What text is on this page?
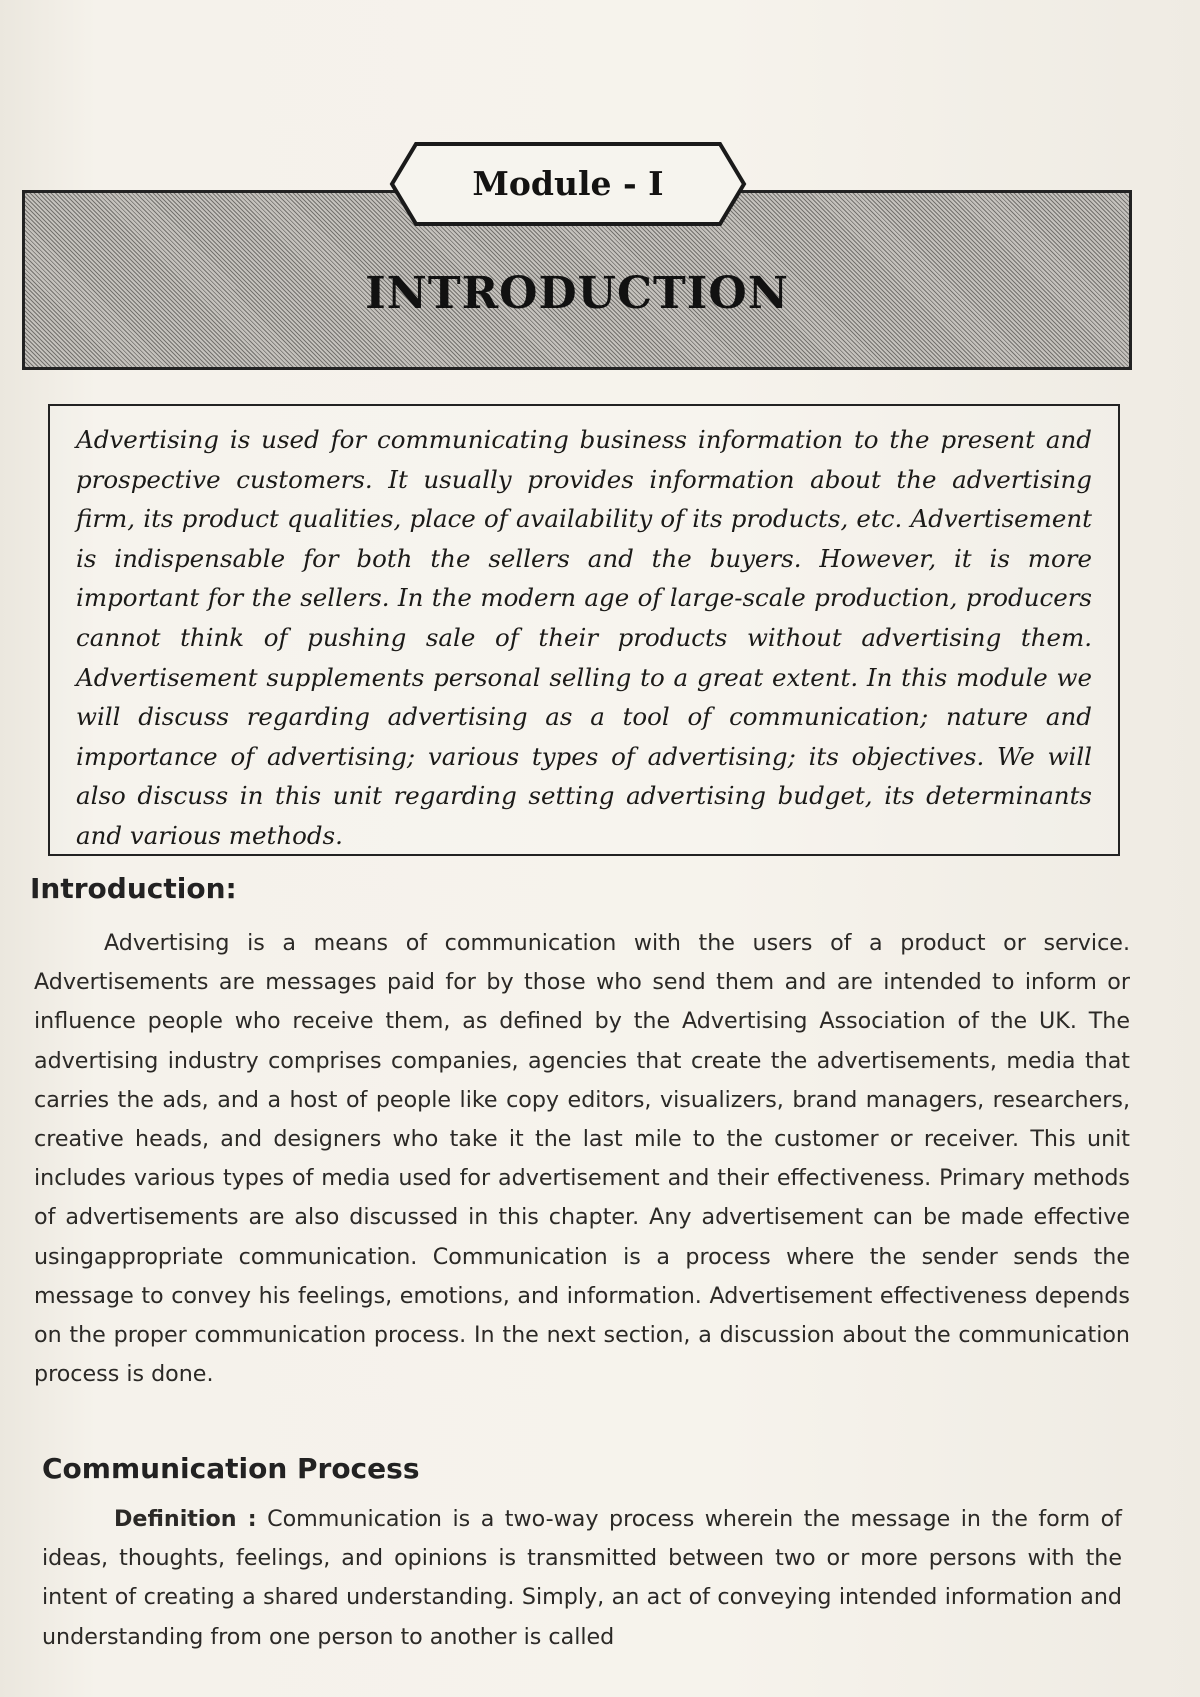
Module - I
INTRODUCTION

Advertising is used for communicating business information to the present and prospective customers. It usually provides information about the advertising firm, its product qualities, place of availability of its products, etc. Advertisement is indispensable for both the sellers and the buyers. However, it is more important for the sellers. In the modern age of large-scale production, producers cannot think of pushing sale of their products without advertising them. Advertisement supplements personal selling to a great extent. In this module we will discuss regarding advertising as a tool of communication; nature and importance of advertising; various types of advertising; its objectives. We will also discuss in this unit regarding setting advertising budget, its determinants and various methods.

Introduction:

Advertising is a means of communication with the users of a product or service. Advertisements are messages paid for by those who send them and are intended to inform or influence people who receive them, as defined by the Advertising Association of the UK. The advertising industry comprises companies, agencies that create the advertisements, media that carries the ads, and a host of people like copy editors, visualizers, brand managers, researchers, creative heads, and designers who take it the last mile to the customer or receiver. This unit includes various types of media used for advertisement and their effectiveness. Primary methods of advertisements are also discussed in this chapter. Any advertisement can be made effective usingappropriate communication. Communication is a process where the sender sends the message to convey his feelings, emotions, and information. Advertisement effectiveness depends on the proper communication process. In the next section, a discussion about the communication process is done.

Communication Process

Definition : Communication is a two-way process wherein the message in the form of ideas, thoughts, feelings, and opinions is transmitted between two or more persons with the intent of creating a shared understanding. Simply, an act of conveying intended information and understanding from one person to another is called
